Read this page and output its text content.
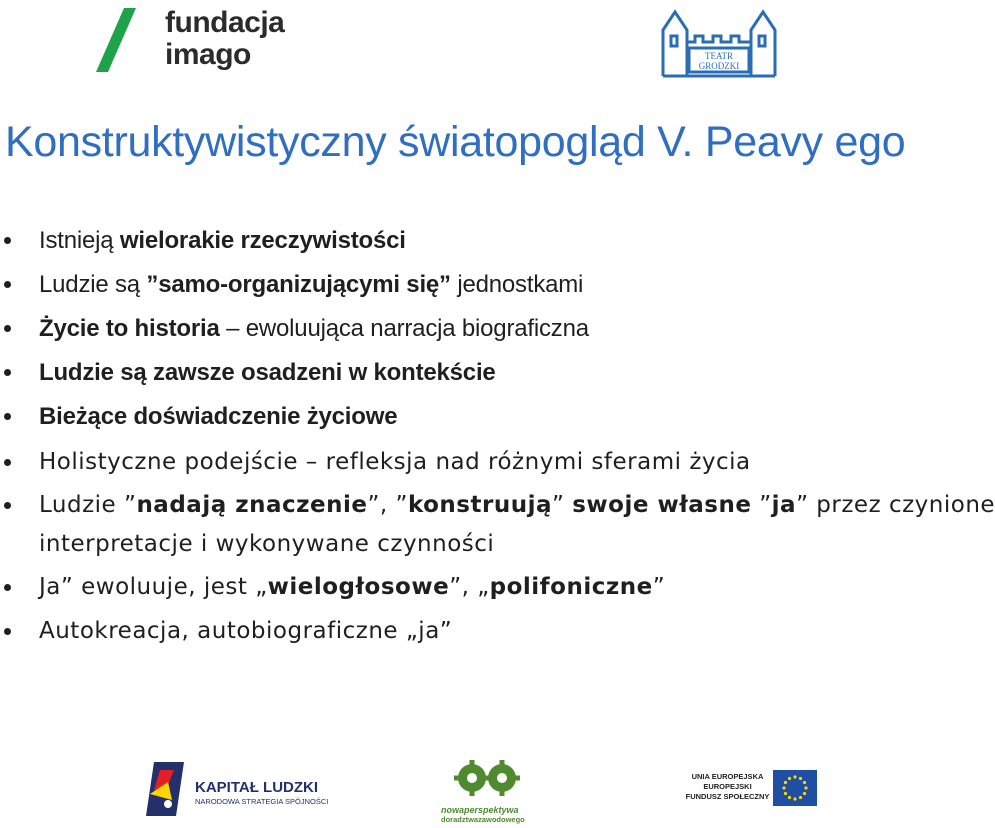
fundacja
imago	TEATR
GRODZKI
Konstruktywistyczny światopogląd V. Peavy ego
Istnieją wielorakie rzeczywistości
Ludzie są ”samo-organizującymi się” jednostkami
Życie to historia – ewoluująca narracja biograficzna
Ludzie są zawsze osadzeni w kontekście
Bieżące doświadczenie życiowe
Holistyczne podejście – refleksja nad różnymi sferami życia
Ludzie ”nadają znaczenie”, ”konstruują” swoje własne ”ja” przez czynione
interpretacje i wykonywane czynności
Ja” ewoluuje, jest „wielogłosowe”, „polifoniczne”
Autokreacja, autobiograficzne „ja”
KAPITAŁ LUDZKI
NARODOWA STRATEGIA SPÓJNOŚCI
nowaperspektywa
doradztwazawodowego
UNIA EUROPEJSKA
EUROPEJSKI
FUNDUSZ SPOŁECZNY
